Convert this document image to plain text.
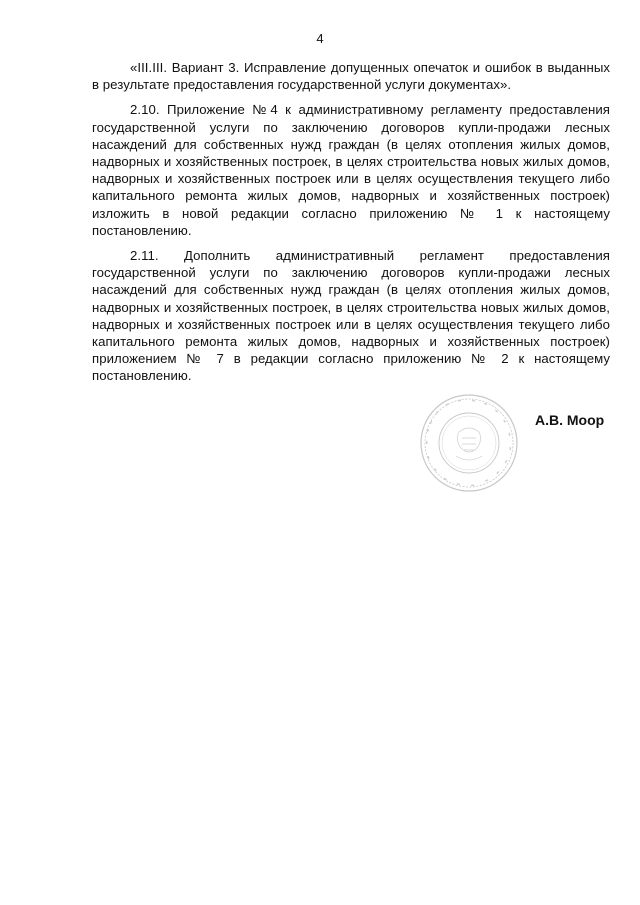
4

«III.III. Вариант 3. Исправление допущенных опечаток и ошибок в выданных в результате предоставления государственной услуги документах».

2.10. Приложение №4 к административному регламенту предоставления государственной услуги по заключению договоров купли-продажи лесных насаждений для собственных нужд граждан (в целях отопления жилых домов, надворных и хозяйственных построек, в целях строительства новых жилых домов, надворных и хозяйственных построек или в целях осуществления текущего либо капитального ремонта жилых домов, надворных и хозяйственных построек) изложить в новой редакции согласно приложению № 1 к настоящему постановлению.

2.11. Дополнить административный регламент предоставления государственной услуги по заключению договоров купли-продажи лесных насаждений для собственных нужд граждан (в целях отопления жилых домов, надворных и хозяйственных построек, в целях строительства новых жилых домов, надворных и хозяйственных построек или в целях осуществления текущего либо капитального ремонта жилых домов, надворных и хозяйственных построек) приложением № 7 в редакции согласно приложению № 2 к настоящему постановлению.

А.В. Моор
